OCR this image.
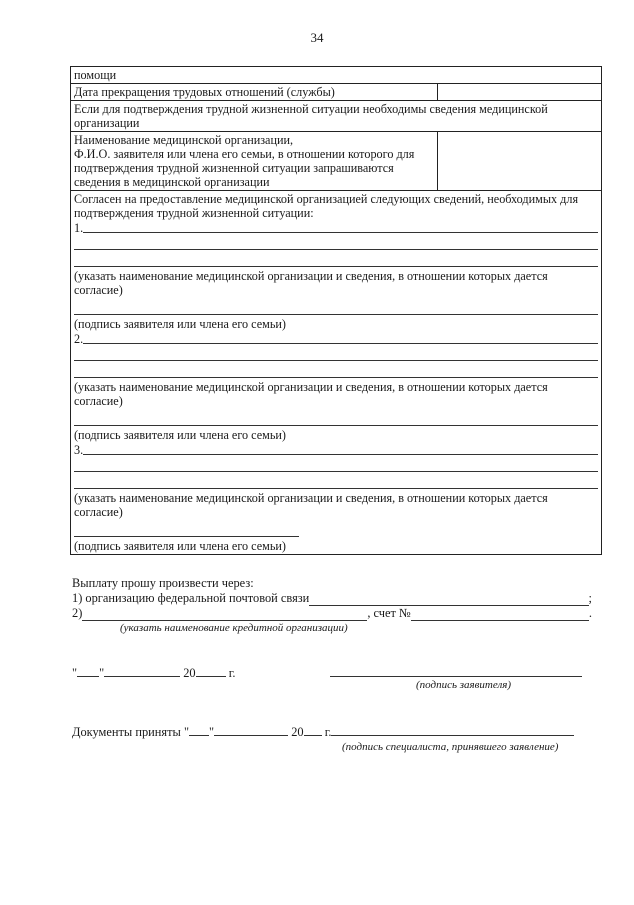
34
помощи
Дата прекращения трудовых отношений (службы)
Если для подтверждения трудной жизненной ситуации необходимы сведения медицинской организации
Наименование медицинской организации,
Ф.И.О. заявителя или члена его семьи, в отношении которого для подтверждения трудной жизненной ситуации запрашиваются сведения в медицинской организации
Согласен на предоставление медицинской организацией следующих сведений, необходимых для подтверждения трудной жизненной ситуации:
1.
(указать наименование медицинской организации и сведения, в отношении которых дается согласие)
(подпись заявителя или члена его семьи)
2.
(указать наименование медицинской организации и сведения, в отношении которых дается согласие)
(подпись заявителя или члена его семьи)
3.
(указать наименование медицинской организации и сведения, в отношении которых дается согласие)
(подпись заявителя или члена его семьи)
Выплату прошу произвести через:
1) организацию федеральной почтовой связи	;
2)	, счет №	.
(указать наименование кредитной организации)
" "	20	г.
(подпись заявителя)
Документы приняты " "	20 г.
(подпись специалиста, принявшего заявление)
